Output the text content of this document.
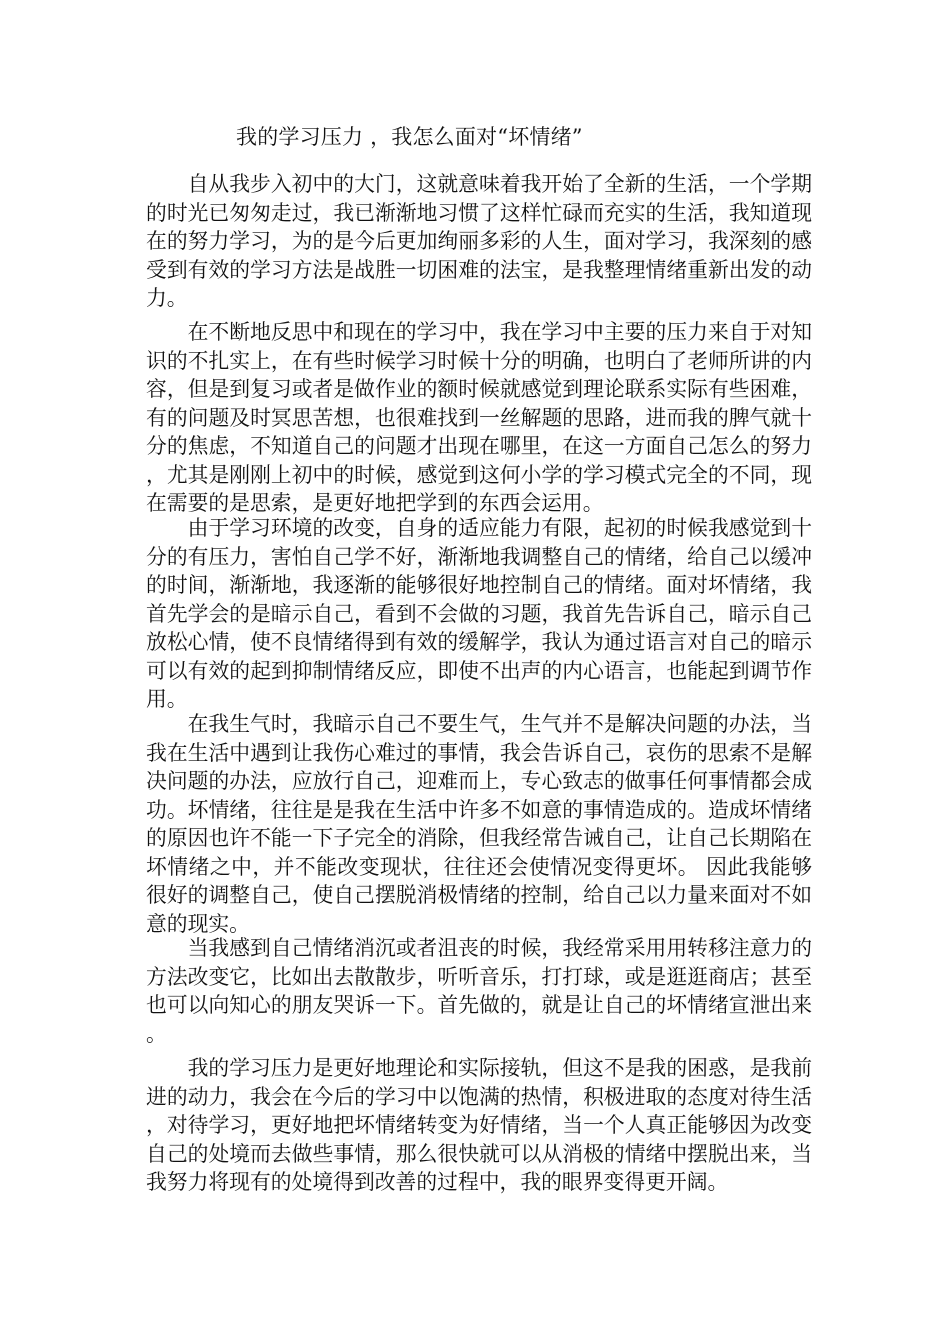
我的学习压力 ，我怎么面对“坏情绪”

自从我步入初中的大门，这就意味着我开始了全新的生活，一个学期的时光已匆匆走过，我已渐渐地习惯了这样忙碌而充实的生活，我知道现在的努力学习，为的是今后更加绚丽多彩的人生，面对学习，我深刻的感受到有效的学习方法是战胜一切困难的法宝，是我整理情绪重新出发的动力。

在不断地反思中和现在的学习中，我在学习中主要的压力来自于对知识的不扎实上，在有些时候学习时候十分的明确，也明白了老师所讲的内容，但是到复习或者是做作业的额时候就感觉到理论联系实际有些困难，有的问题及时冥思苦想，也很难找到一丝解题的思路，进而我的脾气就十分的焦虑，不知道自己的问题才出现在哪里，在这一方面自己怎么的努力，尤其是刚刚上初中的时候，感觉到这何小学的学习模式完全的不同，现在需要的是思索，是更好地把学到的东西会运用。

由于学习环境的改变，自身的适应能力有限，起初的时候我感觉到十分的有压力，害怕自己学不好，渐渐地我调整自己的情绪，给自己以缓冲的时间，渐渐地，我逐渐的能够很好地控制自己的情绪。面对坏情绪，我首先学会的是暗示自己，看到不会做的习题，我首先告诉自己，暗示自己放松心情，使不良情绪得到有效的缓解学，我认为通过语言对自己的暗示可以有效的起到抑制情绪反应，即使不出声的内心语言，也能起到调节作用。

在我生气时，我暗示自己不要生气，生气并不是解决问题的办法，当我在生活中遇到让我伤心难过的事情，我会告诉自己，哀伤的思索不是解决问题的办法，应放行自己，迎难而上，专心致志的做事任何事情都会成功。坏情绪，往往是是我在生活中许多不如意的事情造成的。造成坏情绪的原因也许不能一下子完全的消除，但我经常告诫自己，让自己长期陷在坏情绪之中，并不能改变现状，往往还会使情况变得更坏。 因此我能够很好的调整自己，使自己摆脱消极情绪的控制，给自己以力量来面对不如意的现实。

当我感到自己情绪消沉或者沮丧的时候，我经常采用用转移注意力的方法改变它，比如出去散散步，听听音乐，打打球，或是逛逛商店；甚至也可以向知心的朋友哭诉一下。首先做的，就是让自己的坏情绪宣泄出来。

我的学习压力是更好地理论和实际接轨，但这不是我的困惑，是我前进的动力，我会在今后的学习中以饱满的热情，积极进取的态度对待生活，对待学习，更好地把坏情绪转变为好情绪，当一个人真正能够因为改变自己的处境而去做些事情，那么很快就可以从消极的情绪中摆脱出来，当我努力将现有的处境得到改善的过程中，我的眼界变得更开阔。
